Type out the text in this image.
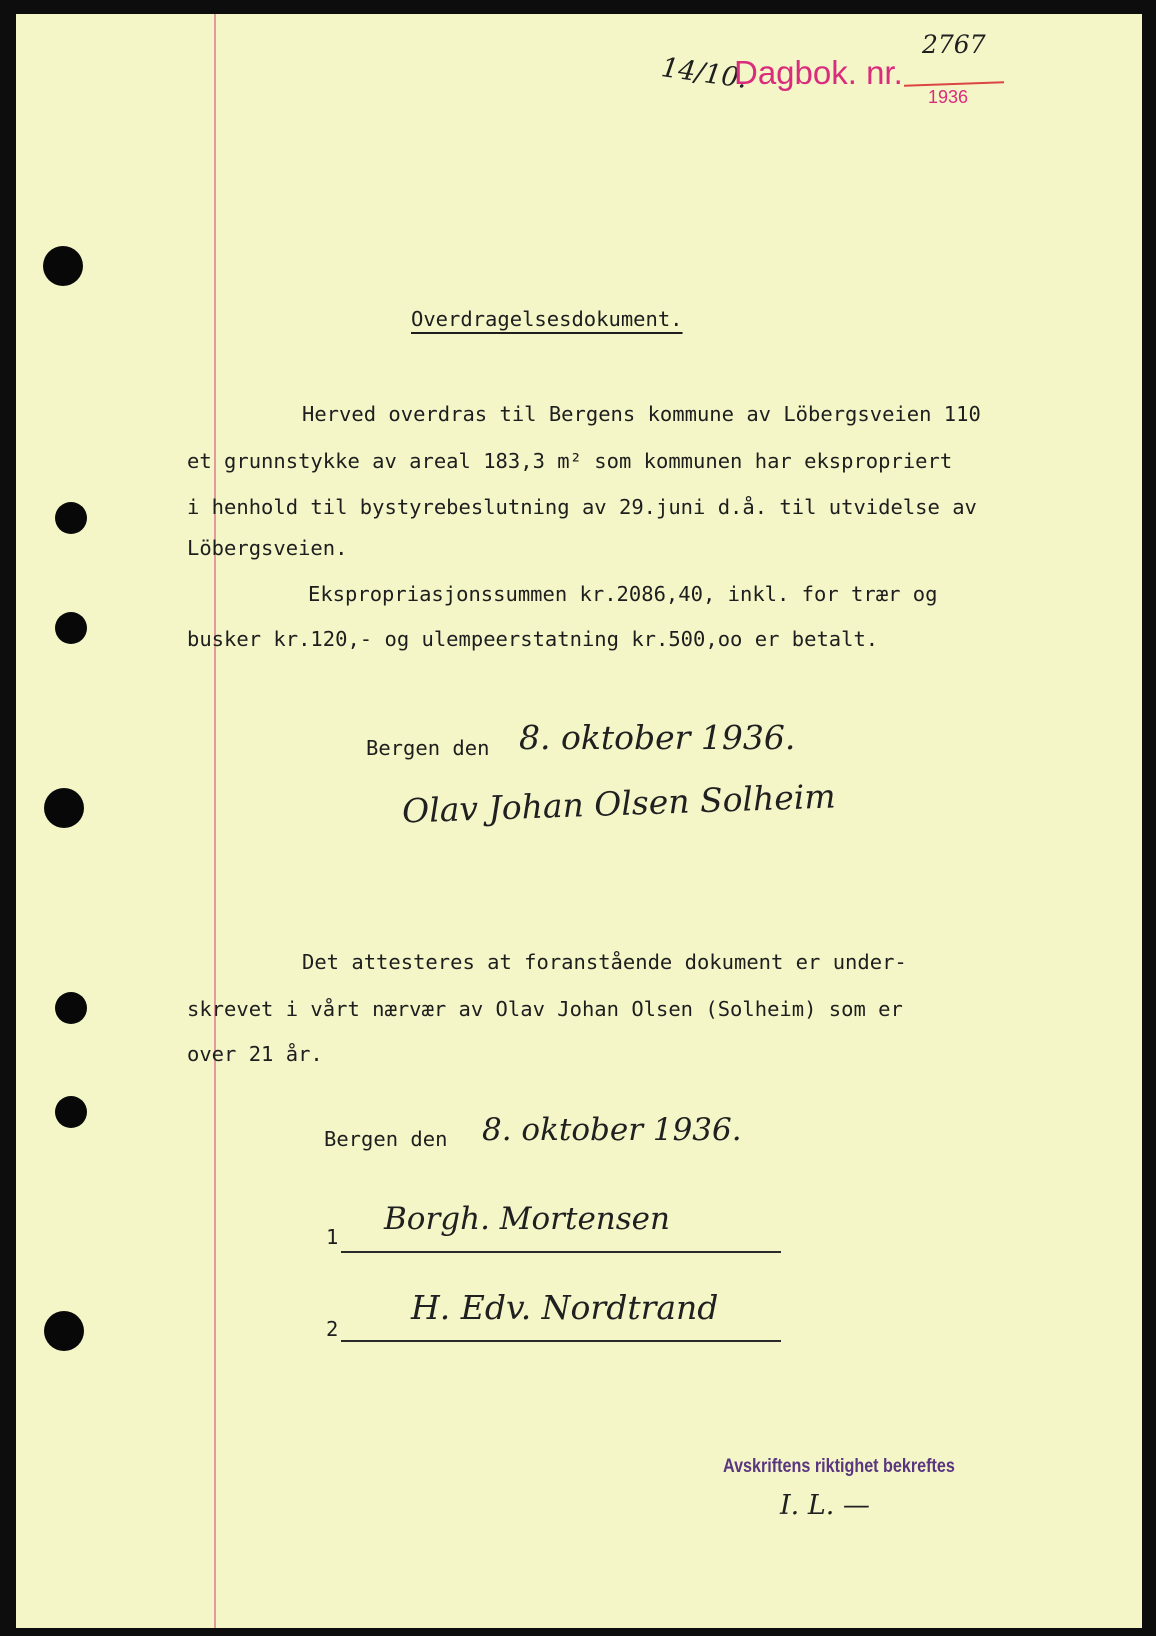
14/10.
Dagbok. nr.
2767
1936
Overdragelsesdokument.
Herved overdras til Bergens kommune av Löbergsveien 110
et grunnstykke av areal 183,3 m² som kommunen har ekspropriert
i henhold til bystyrebeslutning av 29.juni d.å. til utvidelse av
Löbergsveien.
Ekspropriasjonssummen kr.2086,40, inkl. for trær og
busker kr.120,- og ulempeerstatning kr.500,oo er betalt.
Bergen den 8. oktober 1936.
Olav Johan Olsen Solheim
Det attesteres at foranstående dokument er under-
skrevet i vårt nærvær av Olav Johan Olsen (Solheim) som er
over 21 år.
Bergen den 8. oktober 1936.
1 Borgh. Mortensen
2
H. Edv. Nordtrand
Avskriftens riktighet bekreftes
I. L. —
